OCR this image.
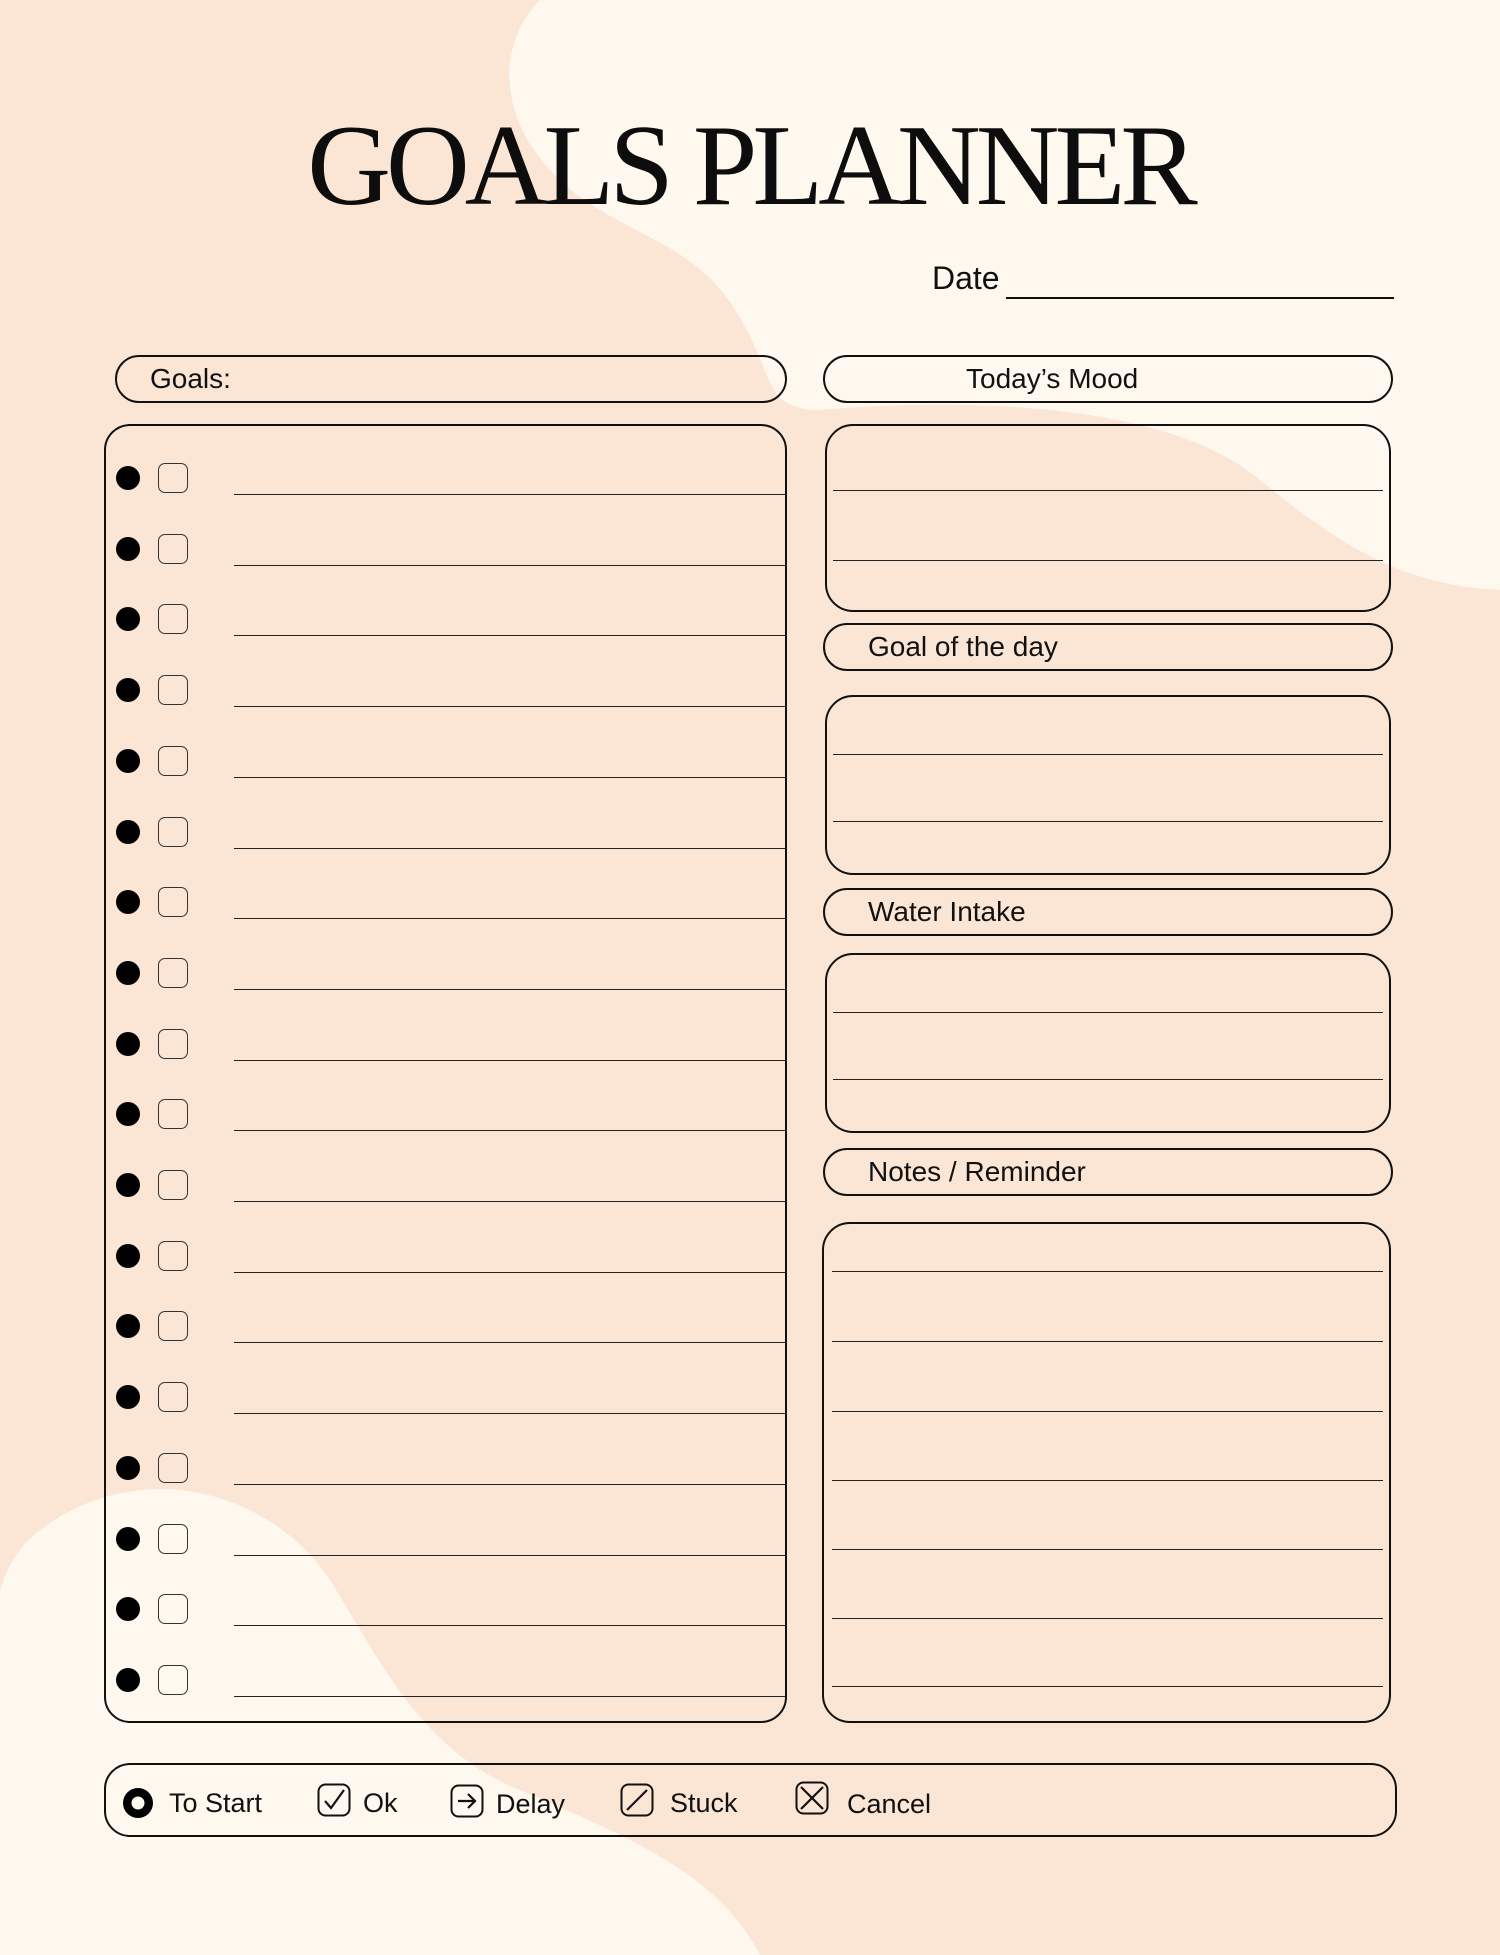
GOALS PLANNER
Date
Goals:	Today’s Mood
Goal of the day
Water Intake
Notes / Reminder
To Start	Ok	Delay	Stuck	Cancel
